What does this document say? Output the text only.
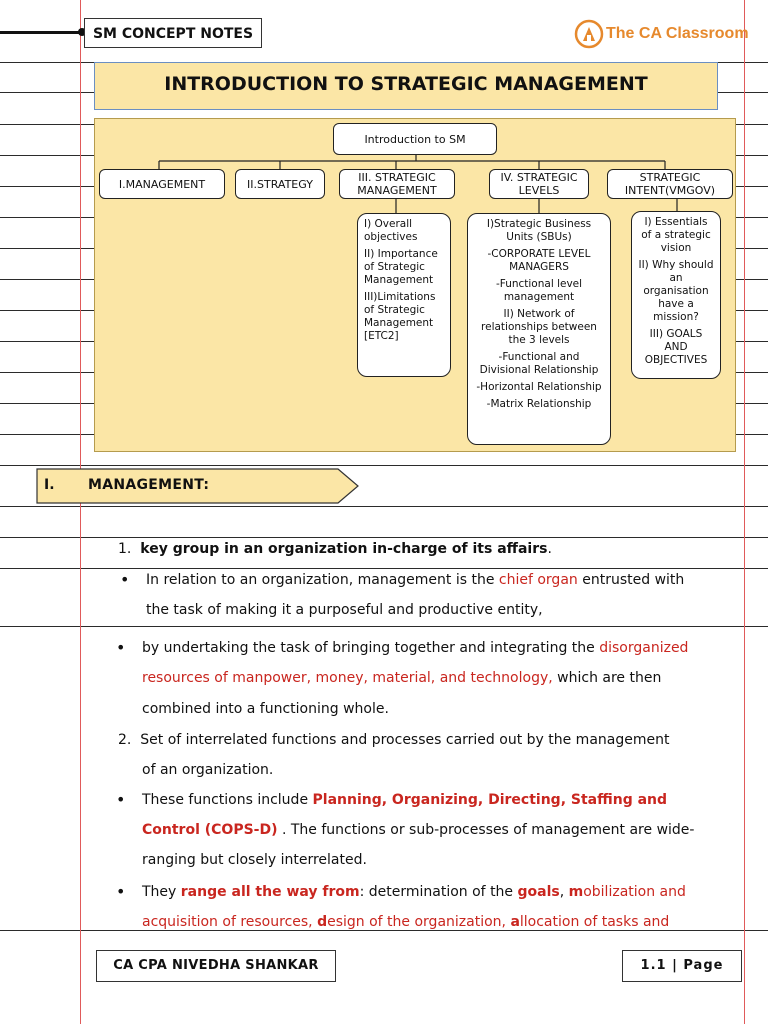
SM CONCEPT NOTES	The CA Classroom
INTRODUCTION TO STRATEGIC MANAGEMENT
Introduction to SM
I.MANAGEMENT	II.STRATEGY	III. STRATEGIC MANAGEMENT
IV. STRATEGIC LEVELS
STRATEGIC INTENT(VMGOV)

I) Overall objectives

II) Importance of Strategic Management

III)Limitations of Strategic Management [ETC2]

I)Strategic Business Units (SBUs)

-CORPORATE LEVEL MANAGERS

-Functional level management

II) Network of relationships between the 3 levels

-Functional and Divisional Relationship

-Horizontal Relationship

-Matrix Relationship

I) Essentials of a strategic vision

II) Why should an organisation have a mission?

III) GOALS AND OBJECTIVES

I. MANAGEMENT:
1. key group in an organization in-charge of its affairs.
• In relation to an organization, management is the chief organ entrusted with
the task of making it a purposeful and productive entity,
• by undertaking the task of bringing together and integrating the disorganized
resources of manpower, money, material, and technology, which are then
combined into a functioning whole.
2. Set of interrelated functions and processes carried out by the management
of an organization.
• These functions include Planning, Organizing, Directing, Staffing and
Control (COPS-D) . The functions or sub-processes of management are wide-
ranging but closely interrelated.
• They range all the way from: determination of the goals, mobilization and
acquisition of resources, design of the organization, allocation of tasks and
CA CPA NIVEDHA SHANKAR	1.1 | Page
